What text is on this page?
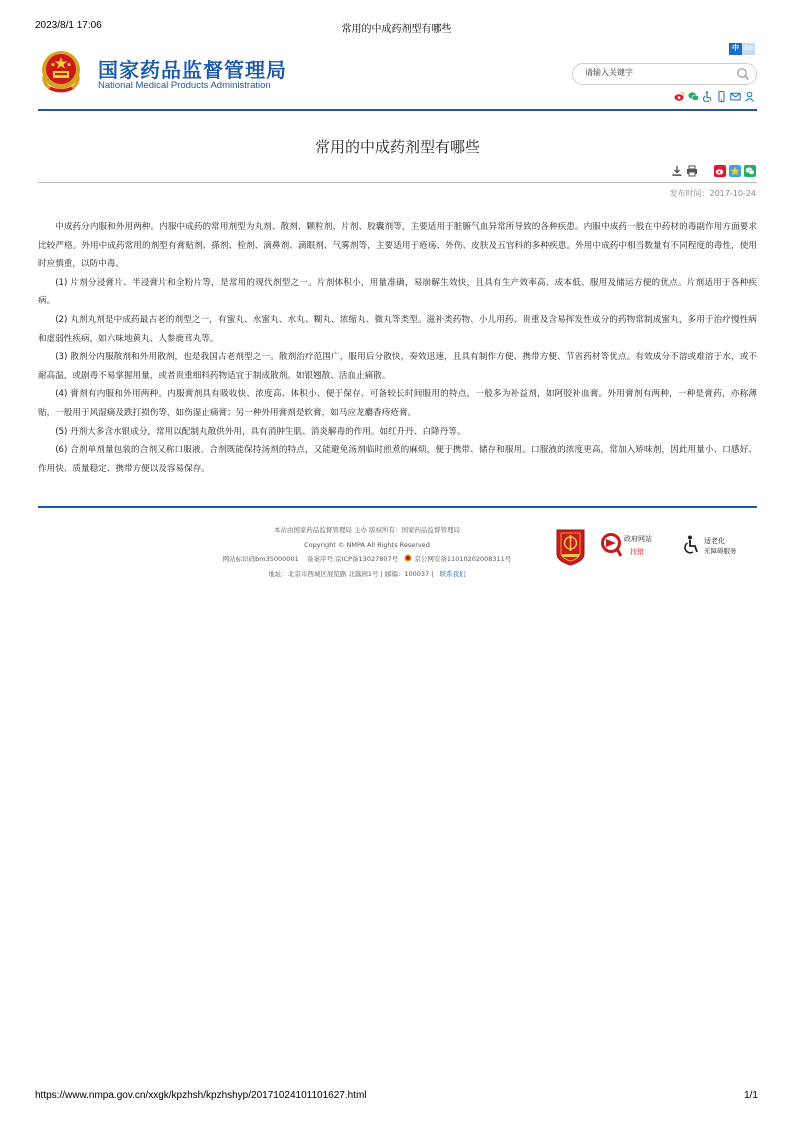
2023/8/1 17:06	常用的中成药剂型有哪些
国家药品监督管理局
National Medical Products Administration
中 En
请输入关键字
常用的中成药剂型有哪些
发布时间：2017-10-24

中成药分内服和外用两种。内服中成药的常用剂型为丸剂、散剂、颗粒剂、片剂、胶囊剂等，主要适用于脏腑气血异常所导致的各种疾患。内服中成药一般在中药材的毒副作用方面要求比较严格。外用中成药常用的剂型有膏贴剂、搽剂、栓剂、滴鼻剂、滴眼剂、气雾剂等，主要适用于疮疡、外伤、皮肤及五官科的多种疾患。外用中成药中相当数量有不同程度的毒性，使用时应慎重，以防中毒。

(1) 片剂分浸膏片、半浸膏片和全粉片等，是常用的现代剂型之一。片剂体积小，用量准确，易崩解生效快，且具有生产效率高、成本低、服用及储运方便的优点。片剂适用于各种疾病。

(2) 丸剂丸剂是中成药最古老的剂型之一，有蜜丸、水蜜丸、水丸、糊丸、浓缩丸、微丸等类型。滋补类药物、小儿用药、贵重及含易挥发性成分的药物常制成蜜丸，多用于治疗慢性病和虚弱性疾病，如六味地黄丸、人参鹿茸丸等。

(3) 散剂分内服散剂和外用散剂，也是我国古老剂型之一。散剂治疗范围广，服用后分散快，奏效迅速，且具有制作方便、携带方便、节省药材等优点。有效成分不溶或难溶于水，或不耐高温，或剧毒不易掌握用量，或者贵重细料药物适宜于制成散剂。如银翘散、活血止痛散。

(4) 膏剂有内服和外用两种。内服膏剂具有吸收快、浓度高、体积小、便于保存、可备较长时间服用的特点，一般多为补益剂，如阿胶补血膏。外用膏剂有两种，一种是膏药，亦称薄贴，一般用于风湿痛及跌打损伤等，如伤湿止痛膏；另一种外用膏剂是软膏，如马应龙麝香痔疮膏。

(5) 丹剂大多含水银成分，常用以配制丸散供外用，具有消肿生肌、消炎解毒的作用。如红升丹、白降丹等。

(6) 合剂单剂量包装的合剂又称口服液。合剂既能保持汤剂的特点，又能避免汤剂临时煎煮的麻烦，便于携带、储存和服用。口服液的浓度更高，常加入矫味剂，因此用量小、口感好、作用快、质量稳定、携带方便以及容易保存。

本站由国家药品监督管理局 主办 版权所有：国家药品监督管理局
Copyright © NMPA All Rights Reserved
网站标识码bm35000001 备案序号:京ICP备13027807号	京公网安备11010202008311号
地址：北京市西城区展览路 北露园1号 | 邮编：100037 | 联系我们
政府网站
找错
适老化
无障碍服务
https://www.nmpa.gov.cn/xxgk/kpzhsh/kpzhshyp/20171024101101627.html	1/1
